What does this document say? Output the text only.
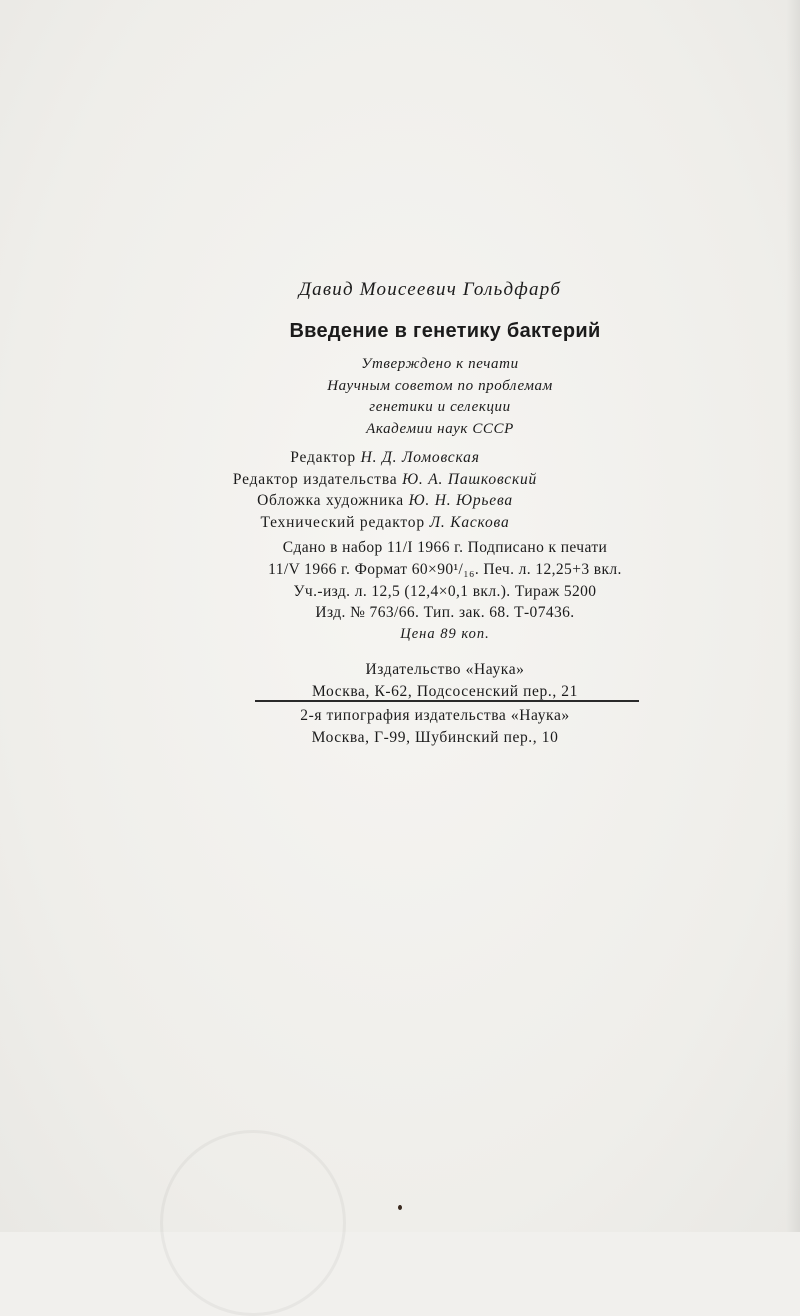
Давид Моисеевич Гольдфарб
Введение в генетику бактерий
Утверждено к печати
Научным советом по проблемам
генетики и селекции
Академии наук СССР
Редактор Н. Д. Ломовская
Редактор издательства Ю. А. Пашковский
Обложка художника Ю. Н. Юрьева
Технический редактор Л. Каскова
Сдано в набор 11/I 1966 г. Подписано к печати
11/V 1966 г. Формат 60×90¹/₁₆. Печ. л. 12,25+3 вкл.
Уч.-изд. л. 12,5 (12,4×0,1 вкл.). Тираж 5200
Изд. № 763/66. Тип. зак. 68. Т-07436.
Цена 89 коп.
Издательство «Наука»
Москва, К-62, Подсосенский пер., 21
2-я типография издательства «Наука»
Москва, Г-99, Шубинский пер., 10
